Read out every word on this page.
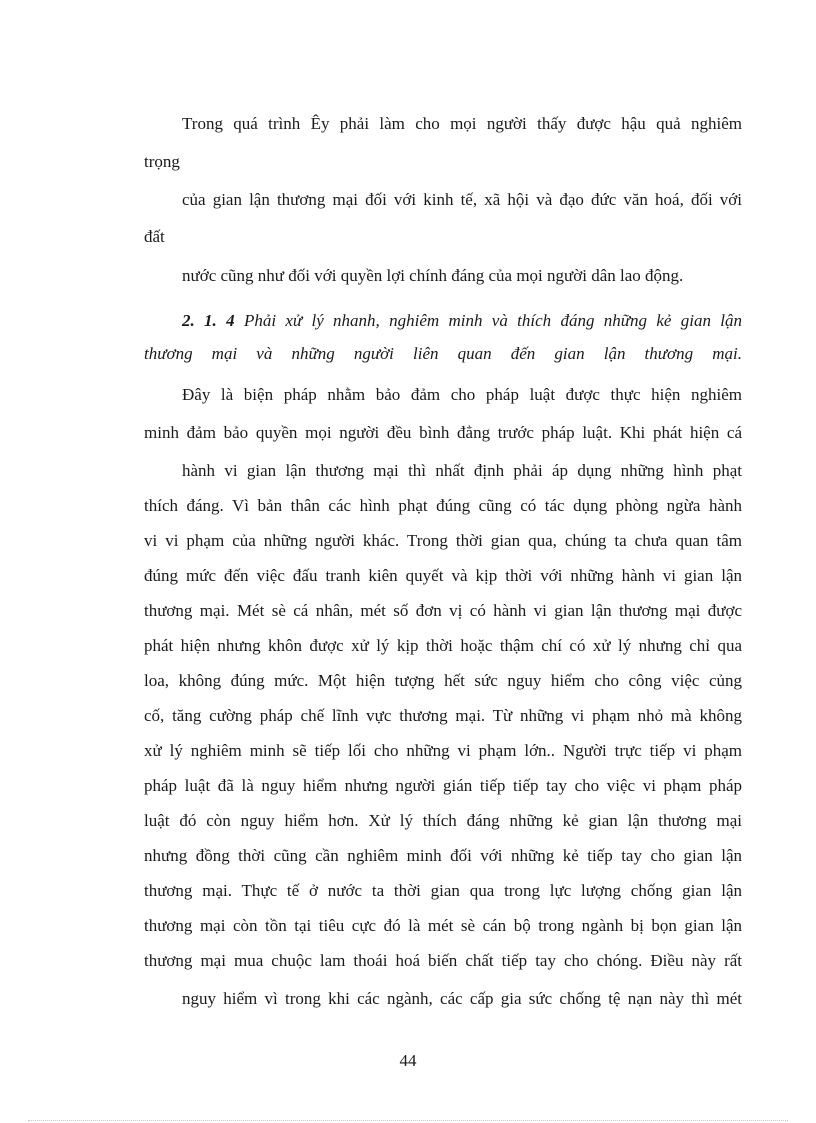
Trong quá trình Êy phải làm cho mọi người thấy được hậu quả nghiêm
trọng
của gian lận thương mại đối với kinh tế, xã hội và đạo đức văn hoá, đối với
đất
nước cũng như đối với quyền lợi chính đáng của mọi người dân lao động.
2. 1. 4 Phải xử lý nhanh, nghiêm minh và thích đáng những kẻ gian lận
thương mại và những người liên quan đến gian lận thương mại.
Đây là biện pháp nhằm bảo đảm cho pháp luật được thực hiện nghiêm
minh đảm bảo quyền mọi người đều bình đẳng trước pháp luật. Khi phát hiện cá
hành vi gian lận thương mại thì nhất định phải áp dụng những hình phạt
thích đáng. Vì bản thân các hình phạt đúng cũng có tác dụng phòng ngừa hành
vi vi phạm của những người khác. Trong thời gian qua, chúng ta chưa quan tâm
đúng mức đến việc đấu tranh kiên quyết và kịp thời với những hành vi gian lận
thương mại. Mét sè cá nhân, mét số đơn vị có hành vi gian lận thương mại được
phát hiện nhưng khôn được xử lý kịp thời hoặc thậm chí có xử lý nhưng chỉ qua
loa, không đúng mức. Một hiện tượng hết sức nguy hiểm cho công việc củng
cố, tăng cường pháp chế lĩnh vực thương mại. Từ những vi phạm nhỏ mà không
xử lý nghiêm minh sẽ tiếp lối cho những vi phạm lớn.. Người trực tiếp vi phạm
pháp luật đã là nguy hiểm nhưng người gián tiếp tiếp tay cho việc vi phạm pháp
luật đó còn nguy hiểm hơn. Xử lý thích đáng những kẻ gian lận thương mại
nhưng đồng thời cũng cần nghiêm minh đối với những kẻ tiếp tay cho gian lận
thương mại. Thực tế ở nước ta thời gian qua trong lực lượng chống gian lận
thương mại còn tồn tại tiêu cực đó là mét sè cán bộ trong ngành bị bọn gian lận
thương mại mua chuộc lam thoái hoá biến chất tiếp tay cho chóng. Điều này rất
nguy hiểm vì trong khi các ngành, các cấp gia sức chống tệ nạn này thì mét
44
